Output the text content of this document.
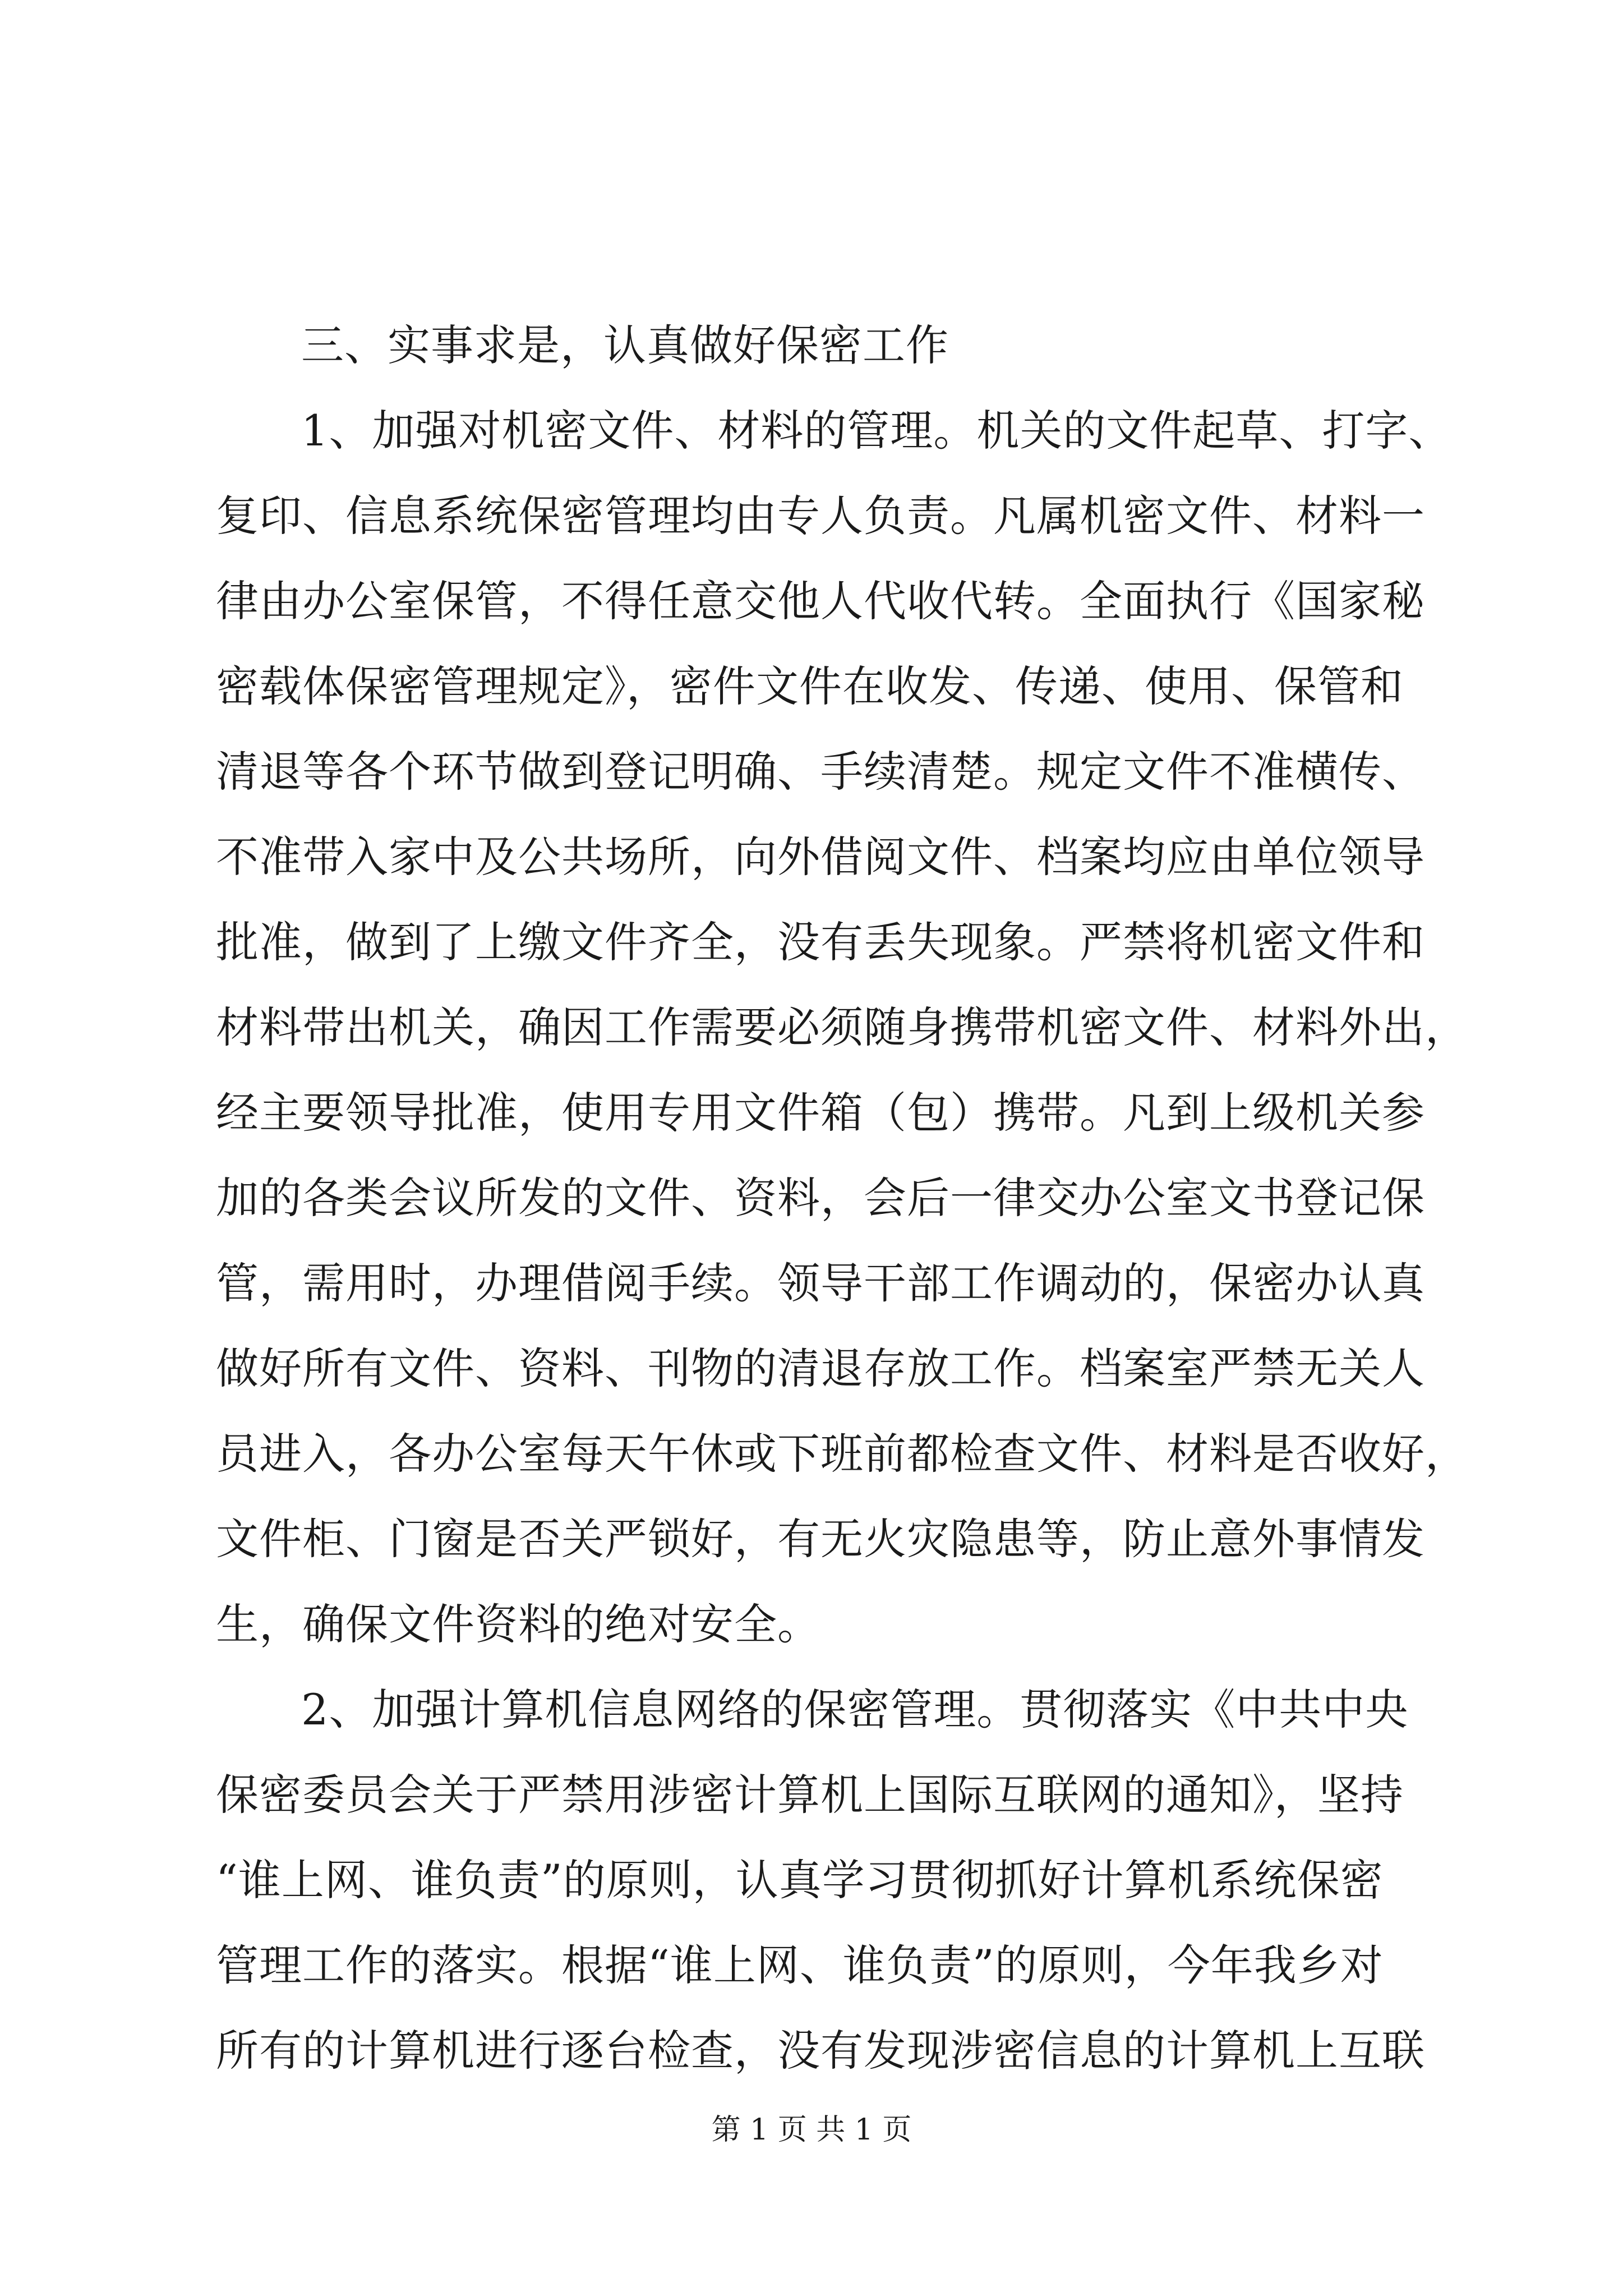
三、实事求是，认真做好保密工作
1、加强对机密文件、材料的管理。机关的文件起草、打字、
复印、信息系统保密管理均由专人负责。凡属机密文件、材料一
律由办公室保管，不得任意交他人代收代转。全面执行《国家秘
密载体保密管理规定》，密件文件在收发、传递、使用、保管和
清退等各个环节做到登记明确、手续清楚。规定文件不准横传、
不准带入家中及公共场所，向外借阅文件、档案均应由单位领导
批准，做到了上缴文件齐全，没有丢失现象。严禁将机密文件和
材料带出机关，确因工作需要必须随身携带机密文件、材料外出，
经主要领导批准，使用专用文件箱（包）携带。凡到上级机关参
加的各类会议所发的文件、资料，会后一律交办公室文书登记保
管，需用时，办理借阅手续。领导干部工作调动的，保密办认真
做好所有文件、资料、刊物的清退存放工作。档案室严禁无关人
员进入，各办公室每天午休或下班前都检查文件、材料是否收好，
文件柜、门窗是否关严锁好，有无火灾隐患等，防止意外事情发
生，确保文件资料的绝对安全。
2、加强计算机信息网络的保密管理。贯彻落实《中共中央
保密委员会关于严禁用涉密计算机上国际互联网的通知》，坚持
“谁上网、谁负责”的原则，认真学习贯彻抓好计算机系统保密
管理工作的落实。根据“谁上网、谁负责”的原则，今年我乡对
所有的计算机进行逐台检查，没有发现涉密信息的计算机上互联
第 1 页 共 1 页
